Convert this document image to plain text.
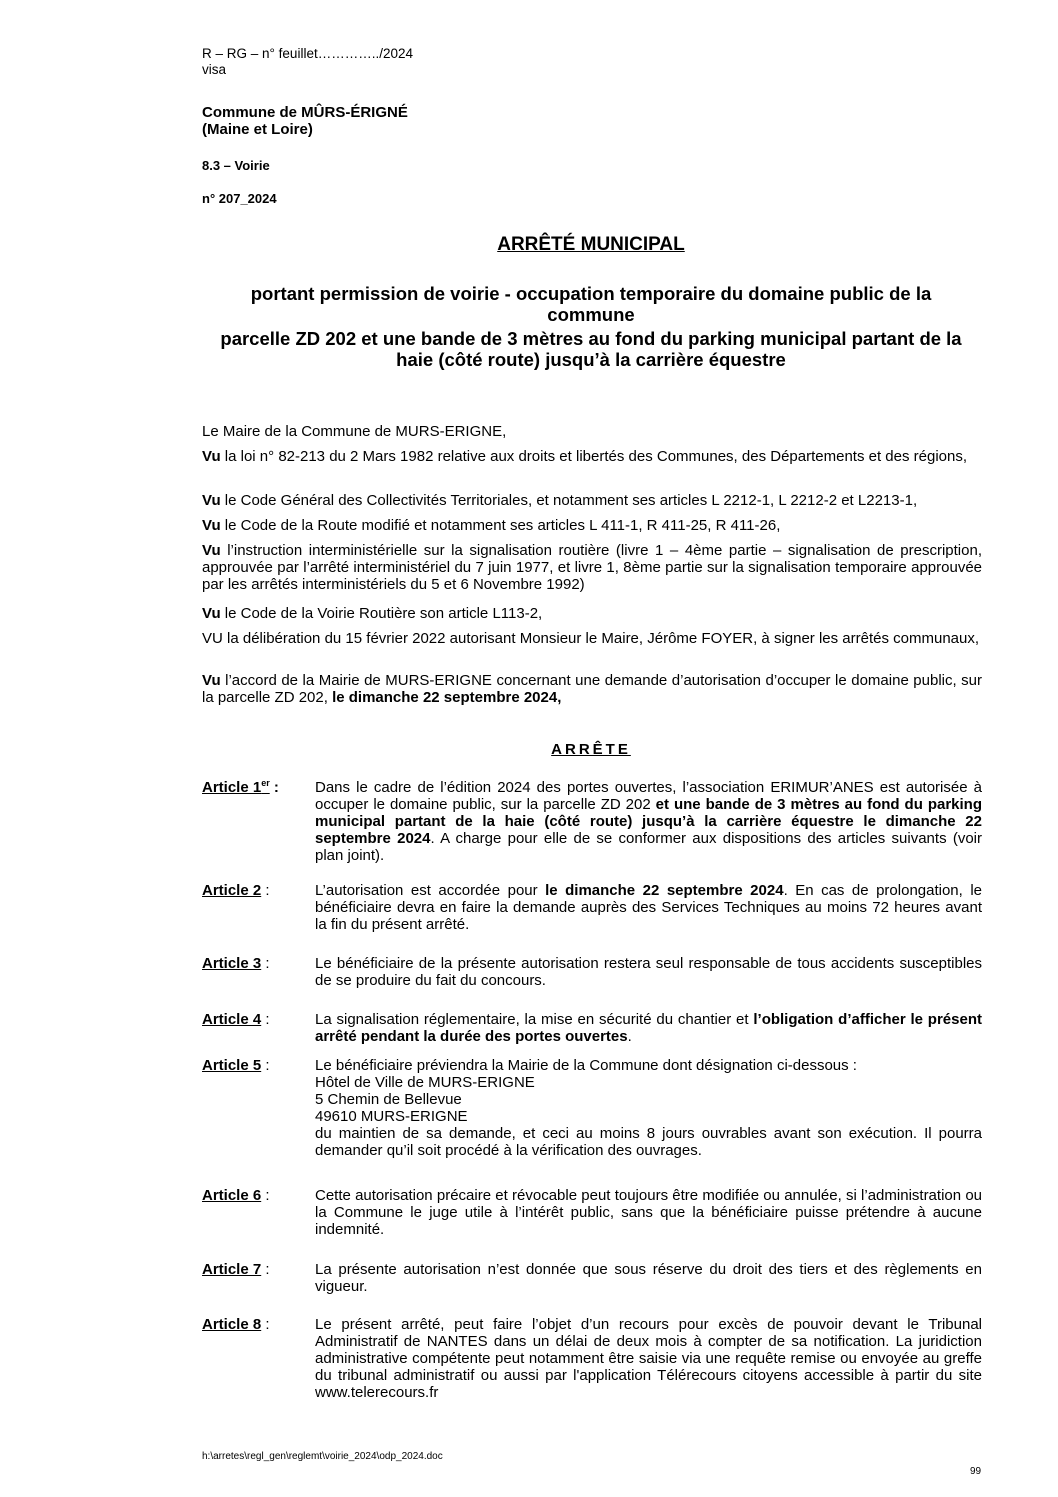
R – RG – n° feuillet…………../2024
visa
Commune de MÛRS-ÉRIGNÉ
(Maine et Loire)
8.3 – Voirie
n° 207_2024
ARRÊTÉ MUNICIPAL
portant permission de voirie - occupation temporaire du domaine public de la commune
parcelle ZD 202 et une bande de 3 mètres au fond du parking municipal partant de la haie (côté route) jusqu’à la carrière équestre
Le Maire de la Commune de MURS-ERIGNE,
Vu la loi n° 82-213 du 2 Mars 1982 relative aux droits et libertés des Communes, des Départements et des régions,
Vu le Code Général des Collectivités Territoriales, et notamment ses articles L 2212-1, L 2212-2 et L2213-1,
Vu le Code de la Route modifié et notamment ses articles L 411-1, R 411-25, R 411-26,
Vu l’instruction interministérielle sur la signalisation routière (livre 1 – 4ème partie – signalisation de prescription, approuvée par l’arrêté interministériel du 7 juin 1977, et livre 1, 8ème partie sur la signalisation temporaire approuvée par les arrêtés interministériels du 5 et 6 Novembre 1992)
Vu le Code de la Voirie Routière son article L113-2,
VU la délibération du 15 février 2022 autorisant Monsieur le Maire, Jérôme FOYER, à signer les arrêtés communaux,
Vu l’accord de la Mairie de MURS-ERIGNE concernant une demande d’autorisation d’occuper le domaine public, sur la parcelle ZD 202, le dimanche 22 septembre 2024,
ARRÊTE
Article 1er :	Dans le cadre de l’édition 2024 des portes ouvertes, l’association ERIMUR’ANES est autorisée à occuper le domaine public, sur la parcelle ZD 202 et une bande de 3 mètres au fond du parking municipal partant de la haie (côté route) jusqu’à la carrière équestre le dimanche 22 septembre 2024. A charge pour elle de se conformer aux dispositions des articles suivants (voir plan joint).
Article 2 :	L’autorisation est accordée pour le dimanche 22 septembre 2024. En cas de prolongation, le bénéficiaire devra en faire la demande auprès des Services Techniques au moins 72 heures avant la fin du présent arrêté.
Article 3 :	Le bénéficiaire de la présente autorisation restera seul responsable de tous accidents susceptibles de se produire du fait du concours.
Article 4 :	La signalisation réglementaire, la mise en sécurité du chantier et l’obligation d’afficher le présent arrêté pendant la durée des portes ouvertes.
Article 5 :	Le bénéficiaire préviendra la Mairie de la Commune dont désignation ci-dessous :
Hôtel de Ville de MURS-ERIGNE
5 Chemin de Bellevue
49610 MURS-ERIGNE
du maintien de sa demande, et ceci au moins 8 jours ouvrables avant son exécution. Il pourra demander qu’il soit procédé à la vérification des ouvrages.
Article 6 :	Cette autorisation précaire et révocable peut toujours être modifiée ou annulée, si l’administration ou la Commune le juge utile à l’intérêt public, sans que la bénéficiaire puisse prétendre à aucune indemnité.
Article 7 :	La présente autorisation n’est donnée que sous réserve du droit des tiers et des règlements en vigueur.
Article 8 :	Le présent arrêté, peut faire l’objet d’un recours pour excès de pouvoir devant le Tribunal Administratif de NANTES dans un délai de deux mois à compter de sa notification. La juridiction administrative compétente peut notamment être saisie via une requête remise ou envoyée au greffe du tribunal administratif ou aussi par l'application Télérecours citoyens accessible à partir du site www.telerecours.fr
h:\arretes\regl_gen\reglemt\voirie_2024\odp_2024.doc
99
